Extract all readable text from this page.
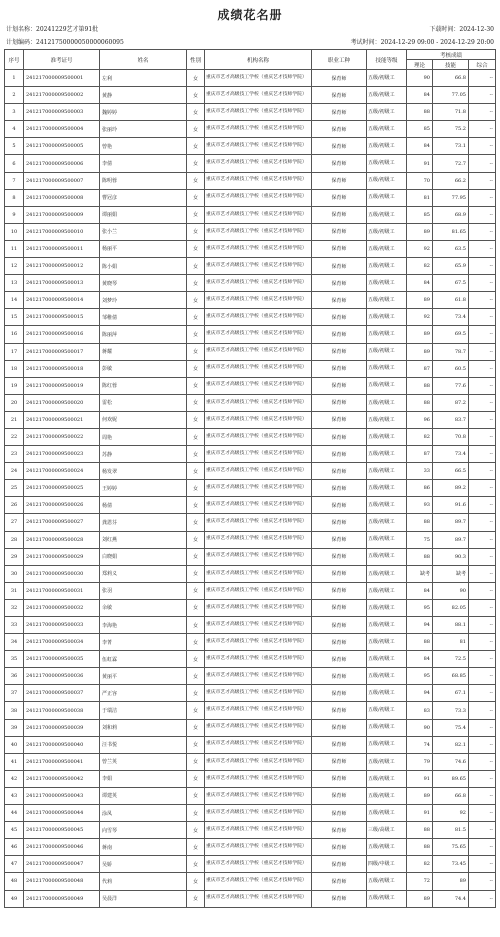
成绩花名册
计划名称：20241229艺才第91批	下载时间：2024-12-30
计划编码：24121750000050000060095	考试时间：2024-12-29 09:00 - 2024-12-29 20:00
序号	准考证号	姓名	性别	机构名称	职业工种	技能等级	考核成绩		
							理论	技能	综合
1	241217000009500001	左利	女	重庆市艺才高级技工学校（重庆艺才技师学院）	保育师	五级/初级工	90	66.8	--
2	241217000009500002	黄静	女	重庆市艺才高级技工学校（重庆艺才技师学院）	保育师	五级/初级工	84	77.05	--
3	241217000009500003	魏婷婷	女	重庆市艺才高级技工学校（重庆艺才技师学院）	保育师	五级/初级工	88	71.8	--
4	241217000009500004	张丽玲	女	重庆市艺才高级技工学校（重庆艺才技师学院）	保育师	五级/初级工	85	75.2	--
5	241217000009500005	曾艳	女	重庆市艺才高级技工学校（重庆艺才技师学院）	保育师	五级/初级工	84	73.1	--
6	241217000009500006	李倩	女	重庆市艺才高级技工学校（重庆艺才技师学院）	保育师	五级/初级工	91	72.7	--
7	241217000009500007	陈明蓉	女	重庆市艺才高级技工学校（重庆艺才技师学院）	保育师	五级/初级工	70	66.2	--
8	241217000009500008	曹冠彦	女	重庆市艺才高级技工学校（重庆艺才技师学院）	保育师	五级/初级工	81	77.95	--
9	241217000009500009	谭丽娟	女	重庆市艺才高级技工学校（重庆艺才技师学院）	保育师	五级/初级工	85	68.9	--
10	241217000009500010	张小兰	女	重庆市艺才高级技工学校（重庆艺才技师学院）	保育师	五级/初级工	89	81.65	--
11	241217000009500011	杨丽平	女	重庆市艺才高级技工学校（重庆艺才技师学院）	保育师	五级/初级工	92	63.5	--
12	241217000009500012	陈小娟	女	重庆市艺才高级技工学校（重庆艺才技师学院）	保育师	五级/初级工	82	65.9	--
13	241217000009500013	黄晓琴	女	重庆市艺才高级技工学校（重庆艺才技师学院）	保育师	五级/初级工	84	67.5	--
14	241217000009500014	刘梦玲	女	重庆市艺才高级技工学校（重庆艺才技师学院）	保育师	五级/初级工	89	61.8	--
15	241217000009500015	邹稚倩	女	重庆市艺才高级技工学校（重庆艺才技师学院）	保育师	五级/初级工	92	73.4	--
16	241217000009500016	陈丽萍	女	重庆市艺才高级技工学校（重庆艺才技师学院）	保育师	五级/初级工	89	69.5	--
17	241217000009500017	蒋耀	女	重庆市艺才高级技工学校（重庆艺才技师学院）	保育师	五级/初级工	89	78.7	--
18	241217000009500018	彭敏	女	重庆市艺才高级技工学校（重庆艺才技师学院）	保育师	五级/初级工	87	60.5	--
19	241217000009500019	陈红蓉	女	重庆市艺才高级技工学校（重庆艺才技师学院）	保育师	五级/初级工	88	77.6	--
20	241217000009500020	雷松	女	重庆市艺才高级技工学校（重庆艺才技师学院）	保育师	五级/初级工	88	87.2	--
21	241217000009500021	何欢妮	女	重庆市艺才高级技工学校（重庆艺才技师学院）	保育师	五级/初级工	96	83.7	--
22	241217000009500022	周艳	女	重庆市艺才高级技工学校（重庆艺才技师学院）	保育师	五级/初级工	82	70.8	--
23	241217000009500023	苏静	女	重庆市艺才高级技工学校（重庆艺才技师学院）	保育师	五级/初级工	87	73.4	--
24	241217000009500024	杨发翠	女	重庆市艺才高级技工学校（重庆艺才技师学院）	保育师	五级/初级工	33	66.5	--
25	241217000009500025	王婷婷	女	重庆市艺才高级技工学校（重庆艺才技师学院）	保育师	五级/初级工	86	89.2	--
26	241217000009500026	杨倩	女	重庆市艺才高级技工学校（重庆艺才技师学院）	保育师	五级/初级工	93	91.6	--
27	241217000009500027	龚恩芬	女	重庆市艺才高级技工学校（重庆艺才技师学院）	保育师	五级/初级工	88	89.7	--
28	241217000009500028	刘红燕	女	重庆市艺才高级技工学校（重庆艺才技师学院）	保育师	五级/初级工	75	89.7	--
29	241217000009500029	白晓娟	女	重庆市艺才高级技工学校（重庆艺才技师学院）	保育师	五级/初级工	88	90.3	--
30	241217000009500030	郑莉义	女	重庆市艺才高级技工学校（重庆艺才技师学院）	保育师	五级/初级工	缺考	缺考	--
31	241217000009500031	张羽	女	重庆市艺才高级技工学校（重庆艺才技师学院）	保育师	五级/初级工	84	90	--
32	241217000009500032	余敏	女	重庆市艺才高级技工学校（重庆艺才技师学院）	保育师	五级/初级工	95	82.05	--
33	241217000009500033	李海艳	女	重庆市艺才高级技工学校（重庆艺才技师学院）	保育师	五级/初级工	94	88.1	--
34	241217000009500034	李菁	女	重庆市艺才高级技工学校（重庆艺才技师学院）	保育师	五级/初级工	88	81	--
35	241217000009500035	伍虹霖	女	重庆市艺才高级技工学校（重庆艺才技师学院）	保育师	五级/初级工	84	72.5	--
36	241217000009500036	黄丽平	女	重庆市艺才高级技工学校（重庆艺才技师学院）	保育师	五级/初级工	95	68.85	--
37	241217000009500037	严正容	女	重庆市艺才高级技工学校（重庆艺才技师学院）	保育师	五级/初级工	94	67.1	--
38	241217000009500038	于瑞洁	女	重庆市艺才高级技工学校（重庆艺才技师学院）	保育师	五级/初级工	83	73.3	--
39	241217000009500039	刘和莉	女	重庆市艺才高级技工学校（重庆艺才技师学院）	保育师	五级/初级工	90	75.4	--
40	241217000009500040	汪书悦	女	重庆市艺才高级技工学校（重庆艺才技师学院）	保育师	五级/初级工	74	82.1	--
41	241217000009500041	曾兰英	女	重庆市艺才高级技工学校（重庆艺才技师学院）	保育师	五级/初级工	79	74.6	--
42	241217000009500042	李娟	女	重庆市艺才高级技工学校（重庆艺才技师学院）	保育师	五级/初级工	91	89.65	--
43	241217000009500043	谭建英	女	重庆市艺才高级技工学校（重庆艺才技师学院）	保育师	五级/初级工	89	66.8	--
44	241217000009500044	涂凤	女	重庆市艺才高级技工学校（重庆艺才技师学院）	保育师	五级/初级工	91	92	--
45	241217000009500045	向雪琴	女	重庆市艺才高级技工学校（重庆艺才技师学院）	保育师	三级/高级工	88	81.5	--
46	241217000009500046	蒋南	女	重庆市艺才高级技工学校（重庆艺才技师学院）	保育师	五级/初级工	88	75.65	--
47	241217000009500047	吴娇	女	重庆市艺才高级技工学校（重庆艺才技师学院）	保育师	四级/中级工	82	73.45	--
48	241217000009500048	代莉	女	重庆市艺才高级技工学校（重庆艺才技师学院）	保育师	五级/初级工	72	89	--
49	241217000009500049	吴晨洋	女	重庆市艺才高级技工学校（重庆艺才技师学院）	保育师	五级/初级工	89	74.4	--
